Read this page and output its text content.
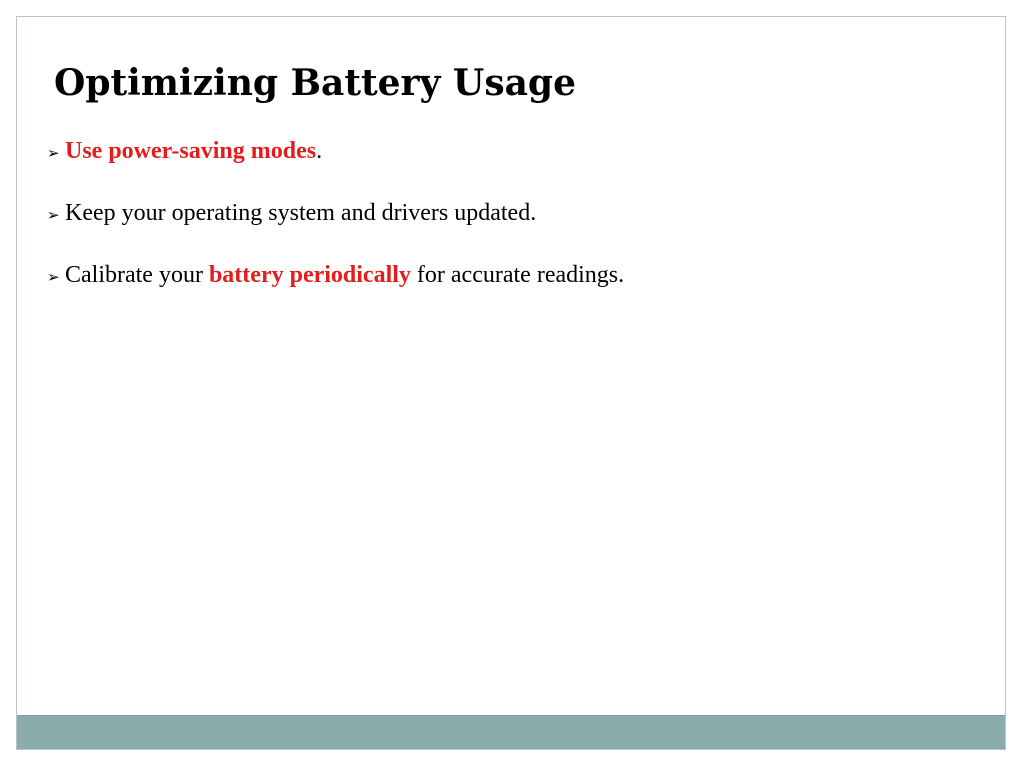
Optimizing Battery Usage
➢ Use power-saving modes.
➢ Keep your operating system and drivers updated.
➢ Calibrate your battery periodically for accurate readings.
